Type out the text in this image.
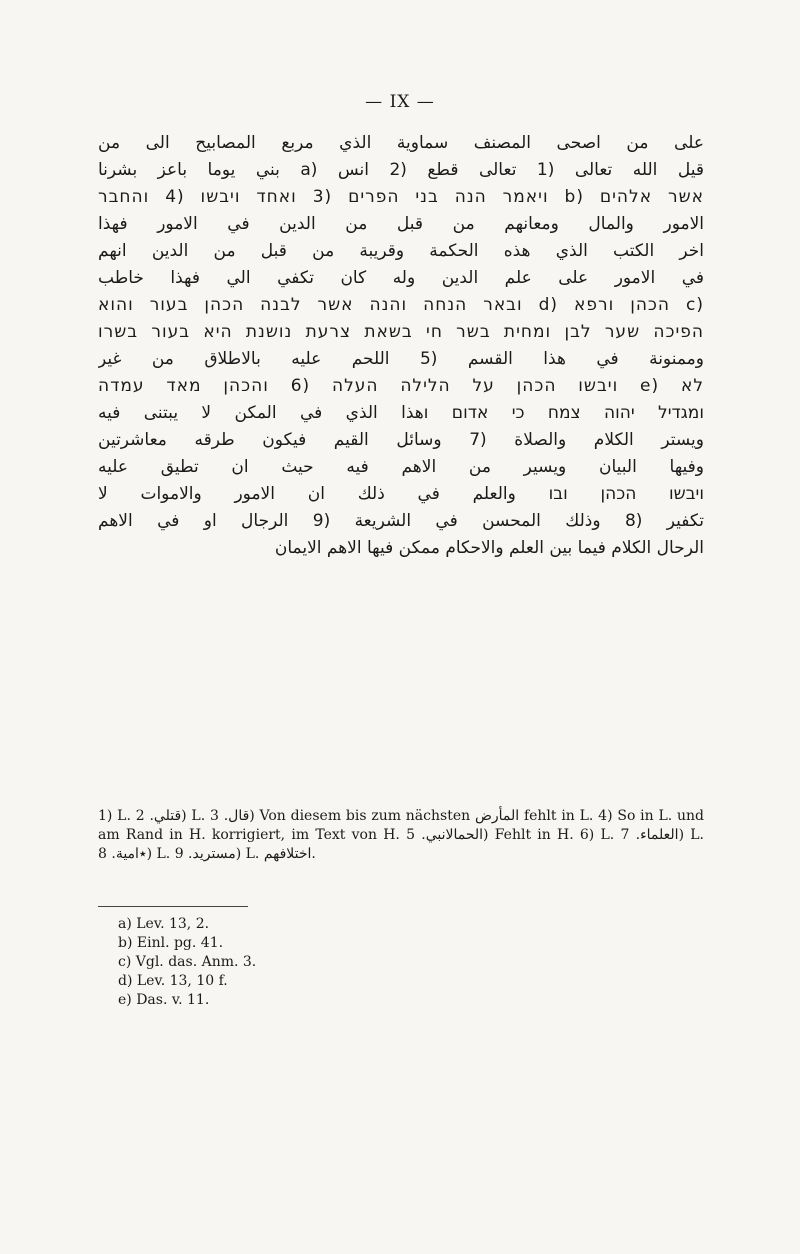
— IX —
على من اصحى المصنف سماوية الذي مربع المصابيح الى من
قيل الله تعالى (1 تعالى قطع (2 انس (a بني يوما باعز بشرنا
אשר אלהים (b ויאמר הנה בני הפרים (3 ואחד ויבשו (4 והחבר
الامور والمال ومعانهم من قبل من الدين في الامور فهذا
اخر الكتب الذي هذه الحكمة وقريبة من قبل من الدين انهم
في الامور على علم الدين وله كان تكفي الي فهذا خاطب
(c הכהן ורפא (d ובאר הנחה והנה אשר לבנה הכהן בעור והוא
הפיכה שער לבן ומחית בשר חי בשאת צרעת נושנת היא בעור בשרו
وممنونة في هذا القسم (5 اللحم عليه بالاطلاق من غير
לא (e ויבשו הכהן על הלילה העלה (6 והכהן מאד עמדה
ומגדיל יהוה צמח כי אדום וهذا الذي في المكن لا يبتنى فيه
ويستر الكلام والصلاة (7 وسائل القيم فيكون طرقه معاشرتين
وفيها البيان ويسير من الاهم فيه حيث ان تطيق عليه
ויבשו הכהן ובו والعلم في ذلك ان الامور والاموات لا
تكفير (8 وذلك المحسن في الشريعة (9 الرجال او في الاهم
الرحال الكلام فيما بين العلم والاحكام ممكن فيها الاهم الايمان
1) L. قتلي. 2) L. قال. 3) Von diesem bis zum nächsten المأرض fehlt in L. 4) So in L. und am Rand in H. korrigiert, im Text von H. الحمالانبي. 5) Fehlt in H. 6) L. العلماء. 7) L. ٭امية. 8) L. مستريد. 9) L. اختلافهم.
a) Lev. 13, 2.
b) Einl. pg. 41.
c) Vgl. das. Anm. 3.
d) Lev. 13, 10 f.
e) Das. v. 11.
